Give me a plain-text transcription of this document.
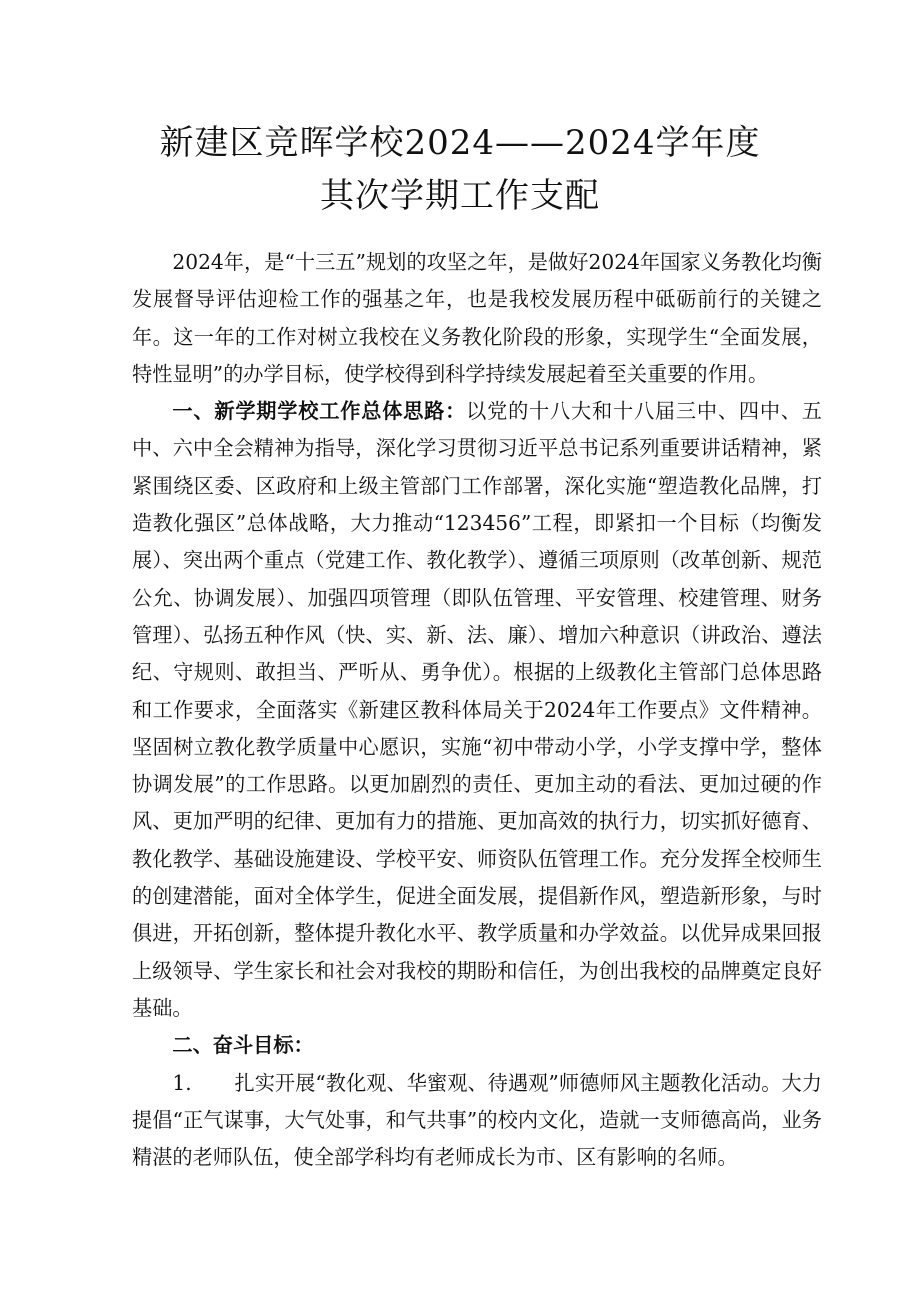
新建区竞晖学校2024——2024学年度
其次学期工作支配

2024年，是“十三五”规划的攻坚之年，是做好2024年国家义务教化均衡发展督导评估迎检工作的强基之年，也是我校发展历程中砥砺前行的关键之年。这一年的工作对树立我校在义务教化阶段的形象，实现学生“全面发展，特性显明”的办学目标，使学校得到科学持续发展起着至关重要的作用。

一、新学期学校工作总体思路：以党的十八大和十八届三中、四中、五中、六中全会精神为指导，深化学习贯彻习近平总书记系列重要讲话精神，紧紧围绕区委、区政府和上级主管部门工作部署，深化实施“塑造教化品牌，打造教化强区”总体战略，大力推动“123456”工程，即紧扣一个目标（均衡发展）、突出两个重点（党建工作、教化教学）、遵循三项原则（改革创新、规范公允、协调发展）、加强四项管理（即队伍管理、平安管理、校建管理、财务管理）、弘扬五种作风（快、实、新、法、廉）、增加六种意识（讲政治、遵法纪、守规则、敢担当、严听从、勇争优）。根据的上级教化主管部门总体思路和工作要求，全面落实《新建区教科体局关于2024年工作要点》文件精神。坚固树立教化教学质量中心愿识，实施“初中带动小学，小学支撑中学，整体协调发展”的工作思路。以更加剧烈的责任、更加主动的看法、更加过硬的作风、更加严明的纪律、更加有力的措施、更加高效的执行力，切实抓好德育、教化教学、基础设施建设、学校平安、师资队伍管理工作。充分发挥全校师生的创建潜能，面对全体学生，促进全面发展，提倡新作风，塑造新形象，与时俱进，开拓创新，整体提升教化水平、教学质量和办学效益。以优异成果回报上级领导、学生家长和社会对我校的期盼和信任，为创出我校的品牌奠定良好基础。

二、奋斗目标：

1. 扎实开展“教化观、华蜜观、待遇观”师德师风主题教化活动。大力提倡“正气谋事，大气处事，和气共事”的校内文化，造就一支师德高尚，业务精湛的老师队伍，使全部学科均有老师成长为市、区有影响的名师。
